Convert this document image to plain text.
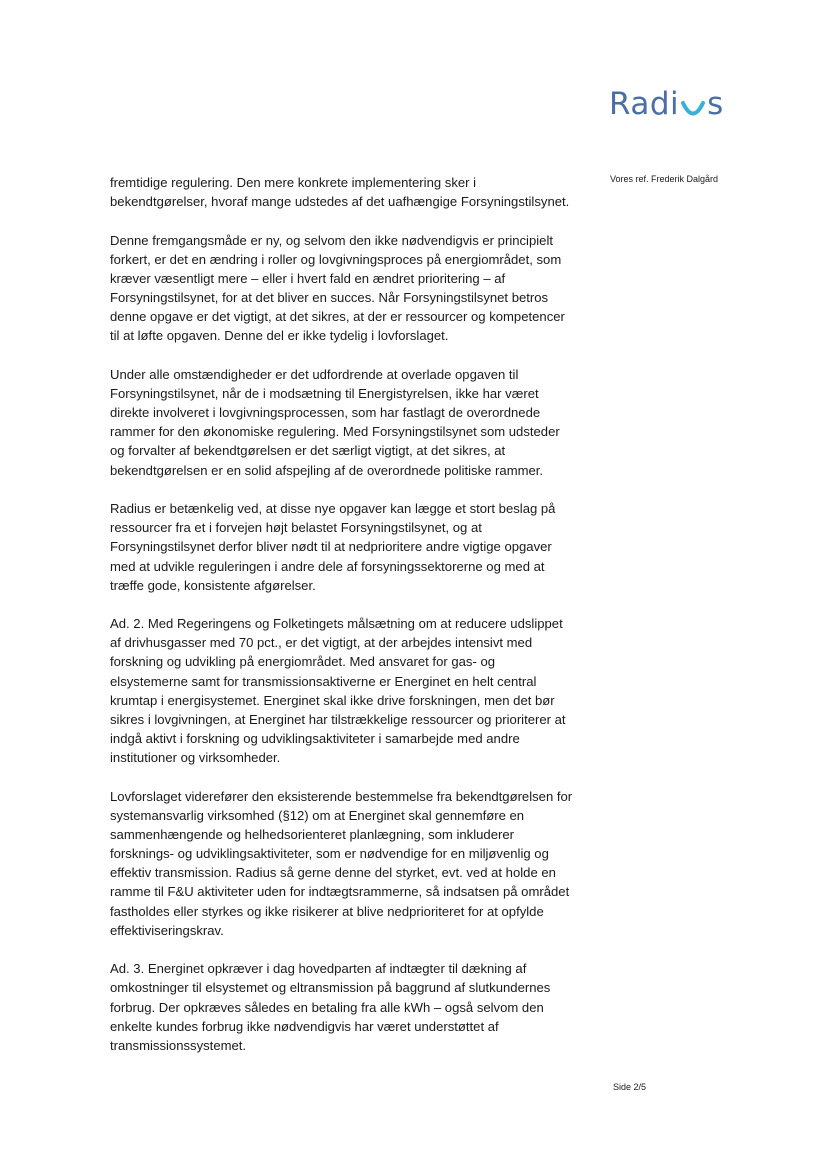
Radi s
Vores ref. Frederik Dalgård

fremtidige regulering. Den mere konkrete implementering sker i
bekendtgørelser, hvoraf mange udstedes af det uafhængige Forsyningstilsynet.

Denne fremgangsmåde er ny, og selvom den ikke nødvendigvis er principielt
forkert, er det en ændring i roller og lovgivningsproces på energiområdet, som
kræver væsentligt mere – eller i hvert fald en ændret prioritering – af
Forsyningstilsynet, for at det bliver en succes. Når Forsyningstilsynet betros
denne opgave er det vigtigt, at det sikres, at der er ressourcer og kompetencer
til at løfte opgaven. Denne del er ikke tydelig i lovforslaget.

Under alle omstændigheder er det udfordrende at overlade opgaven til
Forsyningstilsynet, når de i modsætning til Energistyrelsen, ikke har været
direkte involveret i lovgivningsprocessen, som har fastlagt de overordnede
rammer for den økonomiske regulering. Med Forsyningstilsynet som udsteder
og forvalter af bekendtgørelsen er det særligt vigtigt, at det sikres, at
bekendtgørelsen er en solid afspejling af de overordnede politiske rammer.

Radius er betænkelig ved, at disse nye opgaver kan lægge et stort beslag på
ressourcer fra et i forvejen højt belastet Forsyningstilsynet, og at
Forsyningstilsynet derfor bliver nødt til at nedprioritere andre vigtige opgaver
med at udvikle reguleringen i andre dele af forsyningssektorerne og med at
træffe gode, konsistente afgørelser.

Ad. 2. Med Regeringens og Folketingets målsætning om at reducere udslippet
af drivhusgasser med 70 pct., er det vigtigt, at der arbejdes intensivt med
forskning og udvikling på energiområdet. Med ansvaret for gas- og
elsystemerne samt for transmissionsaktiverne er Energinet en helt central
krumtap i energisystemet. Energinet skal ikke drive forskningen, men det bør
sikres i lovgivningen, at Energinet har tilstrækkelige ressourcer og prioriterer at
indgå aktivt i forskning og udviklingsaktiviteter i samarbejde med andre
institutioner og virksomheder.

Lovforslaget viderefører den eksisterende bestemmelse fra bekendtgørelsen for
systemansvarlig virksomhed (§12) om at Energinet skal gennemføre en
sammenhængende og helhedsorienteret planlægning, som inkluderer
forsknings- og udviklingsaktiviteter, som er nødvendige for en miljøvenlig og
effektiv transmission. Radius så gerne denne del styrket, evt. ved at holde en
ramme til F&U aktiviteter uden for indtægtsrammerne, så indsatsen på området
fastholdes eller styrkes og ikke risikerer at blive nedprioriteret for at opfylde
effektiviseringskrav.

Ad. 3. Energinet opkræver i dag hovedparten af indtægter til dækning af
omkostninger til elsystemet og eltransmission på baggrund af slutkundernes
forbrug. Der opkræves således en betaling fra alle kWh – også selvom den
enkelte kundes forbrug ikke nødvendigvis har været understøttet af
transmissionssystemet.

Side 2/5
